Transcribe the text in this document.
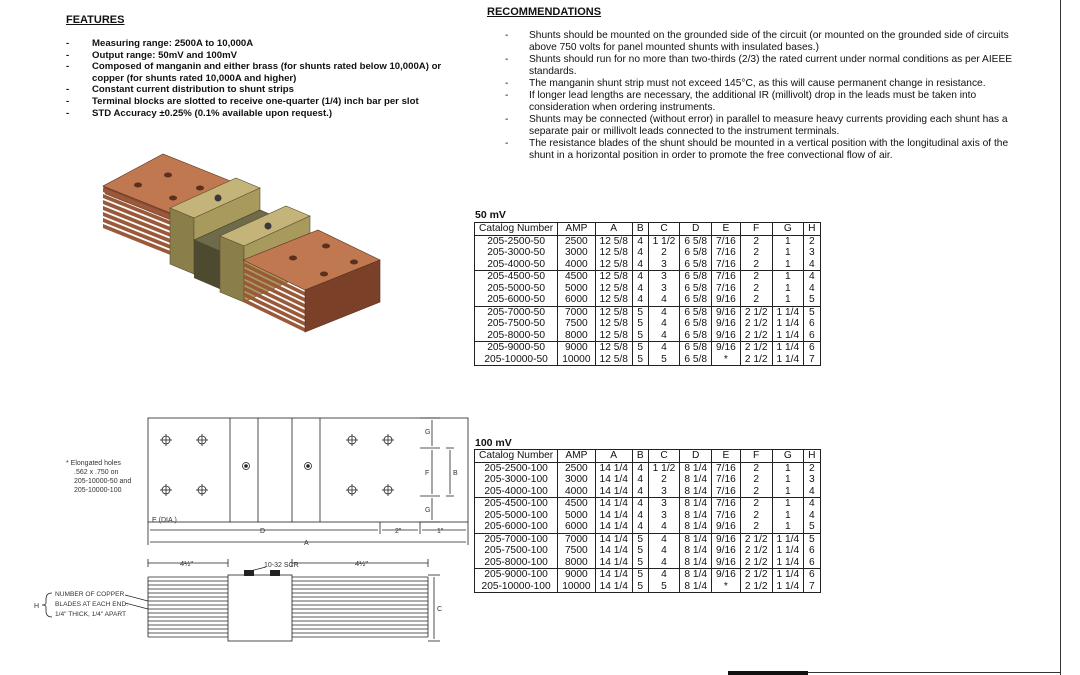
FEATURES
- Measuring range: 2500A to 10,000A
- Output range: 50mV and 100mV
- Composed of manganin and either brass (for shunts rated below 10,000A) or copper (for shunts rated 10,000A and higher)
- Constant current distribution to shunt strips
- Terminal blocks are slotted to receive one-quarter (1/4) inch bar per slot
- STD Accuracy ±0.25% (0.1% available upon request.)
RECOMMENDATIONS
- Shunts should be mounted on the grounded side of the circuit (or mounted on the grounded side of circuits above 750 volts for panel mounted shunts with insulated bases.)
- Shunts should run for no more than two-thirds (2/3) the rated current under normal conditions as per AIEEE standards.
- The manganin shunt strip must not exceed 145°C, as this will cause permanent change in resistance.
- If longer lead lengths are necessary, the additional IR (millivolt) drop in the leads must be taken into consideration when ordering instruments.
- Shunts may be connected (without error) in parallel to measure heavy currents providing each shunt has a separate pair or millivolt leads connected to the instrument terminals.
- The resistance blades of the shunt should be mounted in a vertical position with the longitudinal axis of the shunt in a horizontal position in order to promote the free convectional flow of air.
* Elongated holes
.562 x .750 on
205-10000-50 and
205-10000-100
E (DIA.)
D	2"	1"
A
G
F
G
B
4½"	4½"
10-32 SCR
H
NUMBER OF COPPER
BLADES AT EACH END.
1/4" THICK, 1/4" APART
C
50 mV
Catalog Number	AMP	A	B	C	D	E	F	G	H
205-2500-50	2500	12 5/8	4	1 1/2	6 5/8	7/16	2	1	2
205-3000-50	3000	12 5/8	4	2	6 5/8	7/16	2	1	3
205-4000-50	4000	12 5/8	4	3	6 5/8	7/16	2	1	4
205-4500-50	4500	12 5/8	4	3	6 5/8	7/16	2	1	4
205-5000-50	5000	12 5/8	4	3	6 5/8	7/16	2	1	4
205-6000-50	6000	12 5/8	4	4	6 5/8	9/16	2	1	5
205-7000-50	7000	12 5/8	5	4	6 5/8	9/16	2 1/2	1 1/4	5
205-7500-50	7500	12 5/8	5	4	6 5/8	9/16	2 1/2	1 1/4	6
205-8000-50	8000	12 5/8	5	4	6 5/8	9/16	2 1/2	1 1/4	6
205-9000-50	9000	12 5/8	5	4	6 5/8	9/16	2 1/2	1 1/4	6
205-10000-50	10000	12 5/8	5	5	6 5/8	*	2 1/2	1 1/4	7
100 mV
Catalog Number	AMP	A	B	C	D	E	F	G	H
205-2500-100	2500	14 1/4	4	1 1/2	8 1/4	7/16	2	1	2
205-3000-100	3000	14 1/4	4	2	8 1/4	7/16	2	1	3
205-4000-100	4000	14 1/4	4	3	8 1/4	7/16	2	1	4
205-4500-100	4500	14 1/4	4	3	8 1/4	7/16	2	1	4
205-5000-100	5000	14 1/4	4	3	8 1/4	7/16	2	1	4
205-6000-100	6000	14 1/4	4	4	8 1/4	9/16	2	1	5
205-7000-100	7000	14 1/4	5	4	8 1/4	9/16	2 1/2	1 1/4	5
205-7500-100	7500	14 1/4	5	4	8 1/4	9/16	2 1/2	1 1/4	6
205-8000-100	8000	14 1/4	5	4	8 1/4	9/16	2 1/2	1 1/4	6
205-9000-100	9000	14 1/4	5	4	8 1/4	9/16	2 1/2	1 1/4	6
205-10000-100	10000	14 1/4	5	5	8 1/4	*	2 1/2	1 1/4	7
